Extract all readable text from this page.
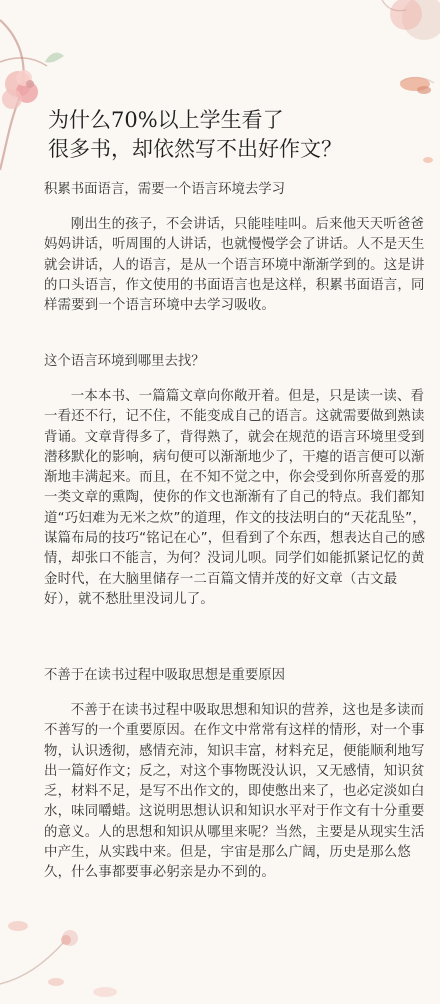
为什么70%以上学生看了
很多书，却依然写不出好作文？
积累书面语言，需要一个语言环境去学习

刚出生的孩子，不会讲话，只能哇哇叫。后来他天天听爸爸妈妈讲话，听周围的人讲话，也就慢慢学会了讲话。人不是天生就会讲话，人的语言，是从一个语言环境中渐渐学到的。这是讲的口头语言，作文使用的书面语言也是这样，积累书面语言，同样需要到一个语言环境中去学习吸收。

这个语言环境到哪里去找？

一本本书、一篇篇文章向你敞开着。但是，只是读一读、看一看还不行，记不住，不能变成自己的语言。这就需要做到熟读背诵。文章背得多了，背得熟了，就会在规范的语言环境里受到潜移默化的影响，病句便可以渐渐地少了，干瘪的语言便可以渐渐地丰满起来。而且，在不知不觉之中，你会受到你所喜爱的那一类文章的熏陶，使你的作文也渐渐有了自己的特点。我们都知道“巧妇难为无米之炊”的道理，作文的技法明白的“天花乱坠”，谋篇布局的技巧“铭记在心”，但看到了个东西，想表达自己的感情，却张口不能言，为何？没词儿呗。同学们如能抓紧记忆的黄金时代，在大脑里储存一二百篇文情并茂的好文章（古文最好），就不愁肚里没词儿了。

不善于在读书过程中吸取思想是重要原因

不善于在读书过程中吸取思想和知识的营养，这也是多读而不善写的一个重要原因。在作文中常常有这样的情形，对一个事物，认识透彻，感情充沛，知识丰富，材料充足，便能顺利地写出一篇好作文；反之，对这个事物既没认识，又无感情，知识贫乏，材料不足，是写不出作文的，即使憋出来了，也必定淡如白水，味同嚼蜡。这说明思想认识和知识水平对于作文有十分重要的意义。人的思想和知识从哪里来呢？当然，主要是从现实生活中产生，从实践中来。但是，宇宙是那么广阔，历史是那么悠久，什么事都要事必躬亲是办不到的。
